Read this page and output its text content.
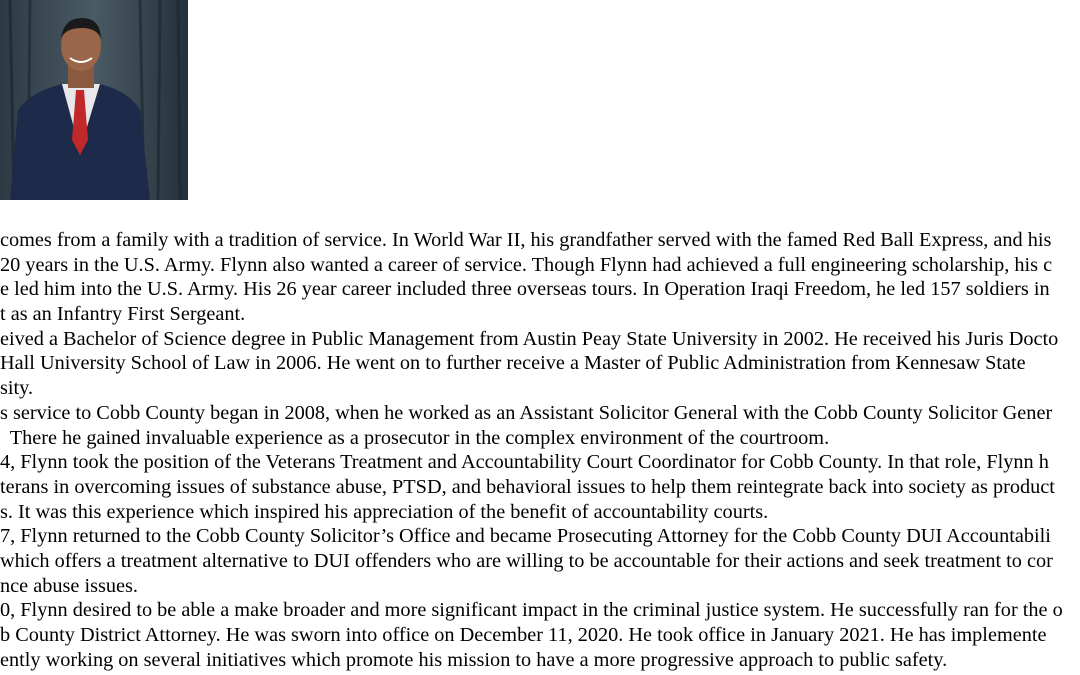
comes from a family with a tradition of service. In World War II, his grandfather served with the famed Red Ball Express, and his
20 years in the U.S. Army. Flynn also wanted a career of service. Though Flynn had achieved a full engineering scholarship, his c
e led him into the U.S. Army. His 26 year career included three overseas tours. In Operation Iraqi Freedom, he led 157 soldiers in
t as an Infantry First Sergeant.
eived a Bachelor of Science degree in Public Management from Austin Peay State University in 2002. He received his Juris Docto
Hall University School of Law in 2006. He went on to further receive a Master of Public Administration from Kennesaw State
sity.
s service to Cobb County began in 2008, when he worked as an Assistant Solicitor General with the Cobb County Solicitor Gener
There he gained invaluable experience as a prosecutor in the complex environment of the courtroom.
4, Flynn took the position of the Veterans Treatment and Accountability Court Coordinator for Cobb County. In that role, Flynn h
terans in overcoming issues of substance abuse, PTSD, and behavioral issues to help them reintegrate back into society as product
s. It was this experience which inspired his appreciation of the benefit of accountability courts.
7, Flynn returned to the Cobb County Solicitor’s Office and became Prosecuting Attorney for the Cobb County DUI Accountabili
which offers a treatment alternative to DUI offenders who are willing to be accountable for their actions and seek treatment to cor
nce abuse issues.
0, Flynn desired to be able a make broader and more significant impact in the criminal justice system. He successfully ran for the o
b County District Attorney. He was sworn into office on December 11, 2020. He took office in January 2021. He has implemente
ently working on several initiatives which promote his mission to have a more progressive approach to public safety.
